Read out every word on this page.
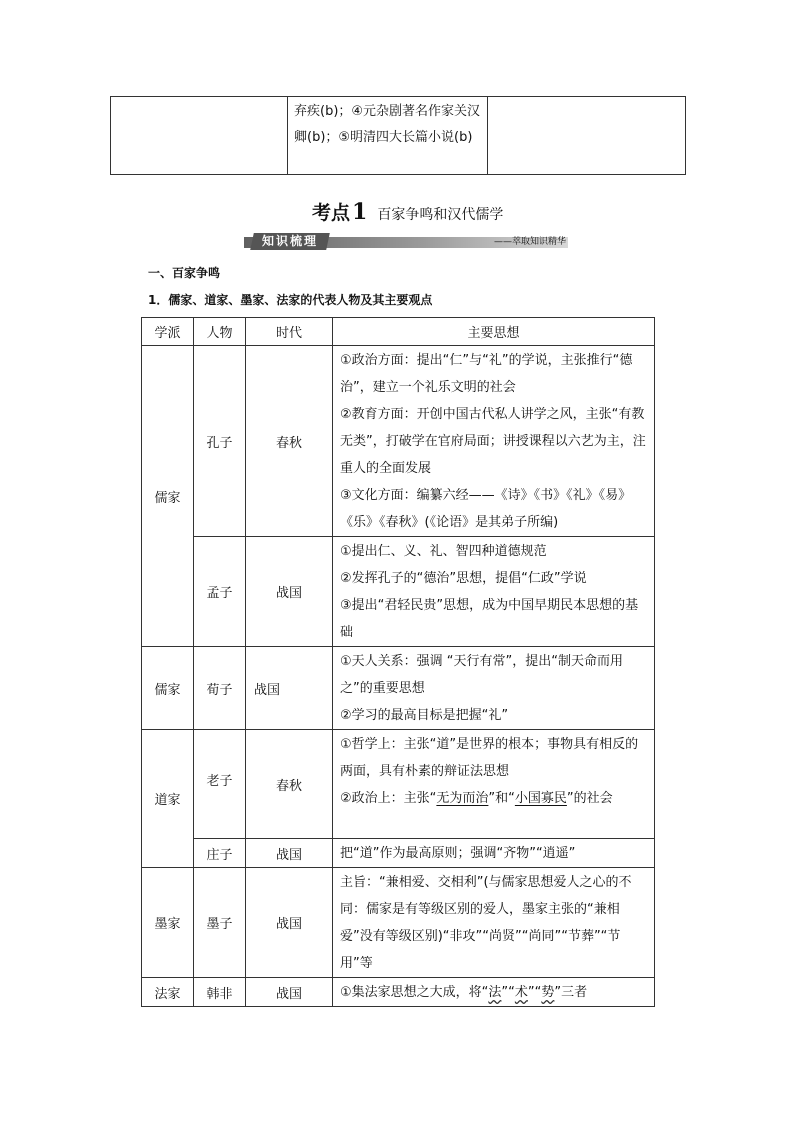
	弃疾(b)；④元杂剧著名作家关汉卿(b)；⑤明清四大长篇小说(b)	
考点1 百家争鸣和汉代儒学
知识梳理	——萃取知识精华
一、百家争鸣
1．儒家、道家、墨家、法家的代表人物及其主要观点
学派	人物	时代	主要思想
儒家	孔子	春秋	①政治方面：提出“仁”与“礼”的学说，主张推行“德治”，建立一个礼乐文明的社会
②教育方面：开创中国古代私人讲学之风，主张“有教无类”，打破学在官府局面；讲授课程以六艺为主，注重人的全面发展
③文化方面：编纂六经——《诗》《书》《礼》《易》《乐》《春秋》(《论语》是其弟子所编)

	孟子	战国	①提出仁、义、礼、智四种道德规范
②发挥孔子的“德治”思想，提倡“仁政”学说
③提出“君轻民贵”思想，成为中国早期民本思想的基础

儒家	荀子	战国	①天人关系：强调 “天行有常”，提出“制天命而用之”的重要思想
②学习的最高目标是把握“礼”

道家	老子	春秋	①哲学上：主张“道”是世界的根本；事物具有相反的两面，具有朴素的辩证法思想
②政治上：主张“无为而治”和“小国寡民”的社会

	庄子	战国	把“道”作为最高原则；强调“齐物”“逍遥”
墨家	墨子	战国	主旨：“兼相爱、交相利”(与儒家思想爱人之心的不同：儒家是有等级区别的爱人，墨家主张的“兼相爱”没有等级区别)“非攻”“尚贤”“尚同”“节葬”“节用”等
法家	韩非	战国	①集法家思想之大成，将“法”“术”“势”三者
